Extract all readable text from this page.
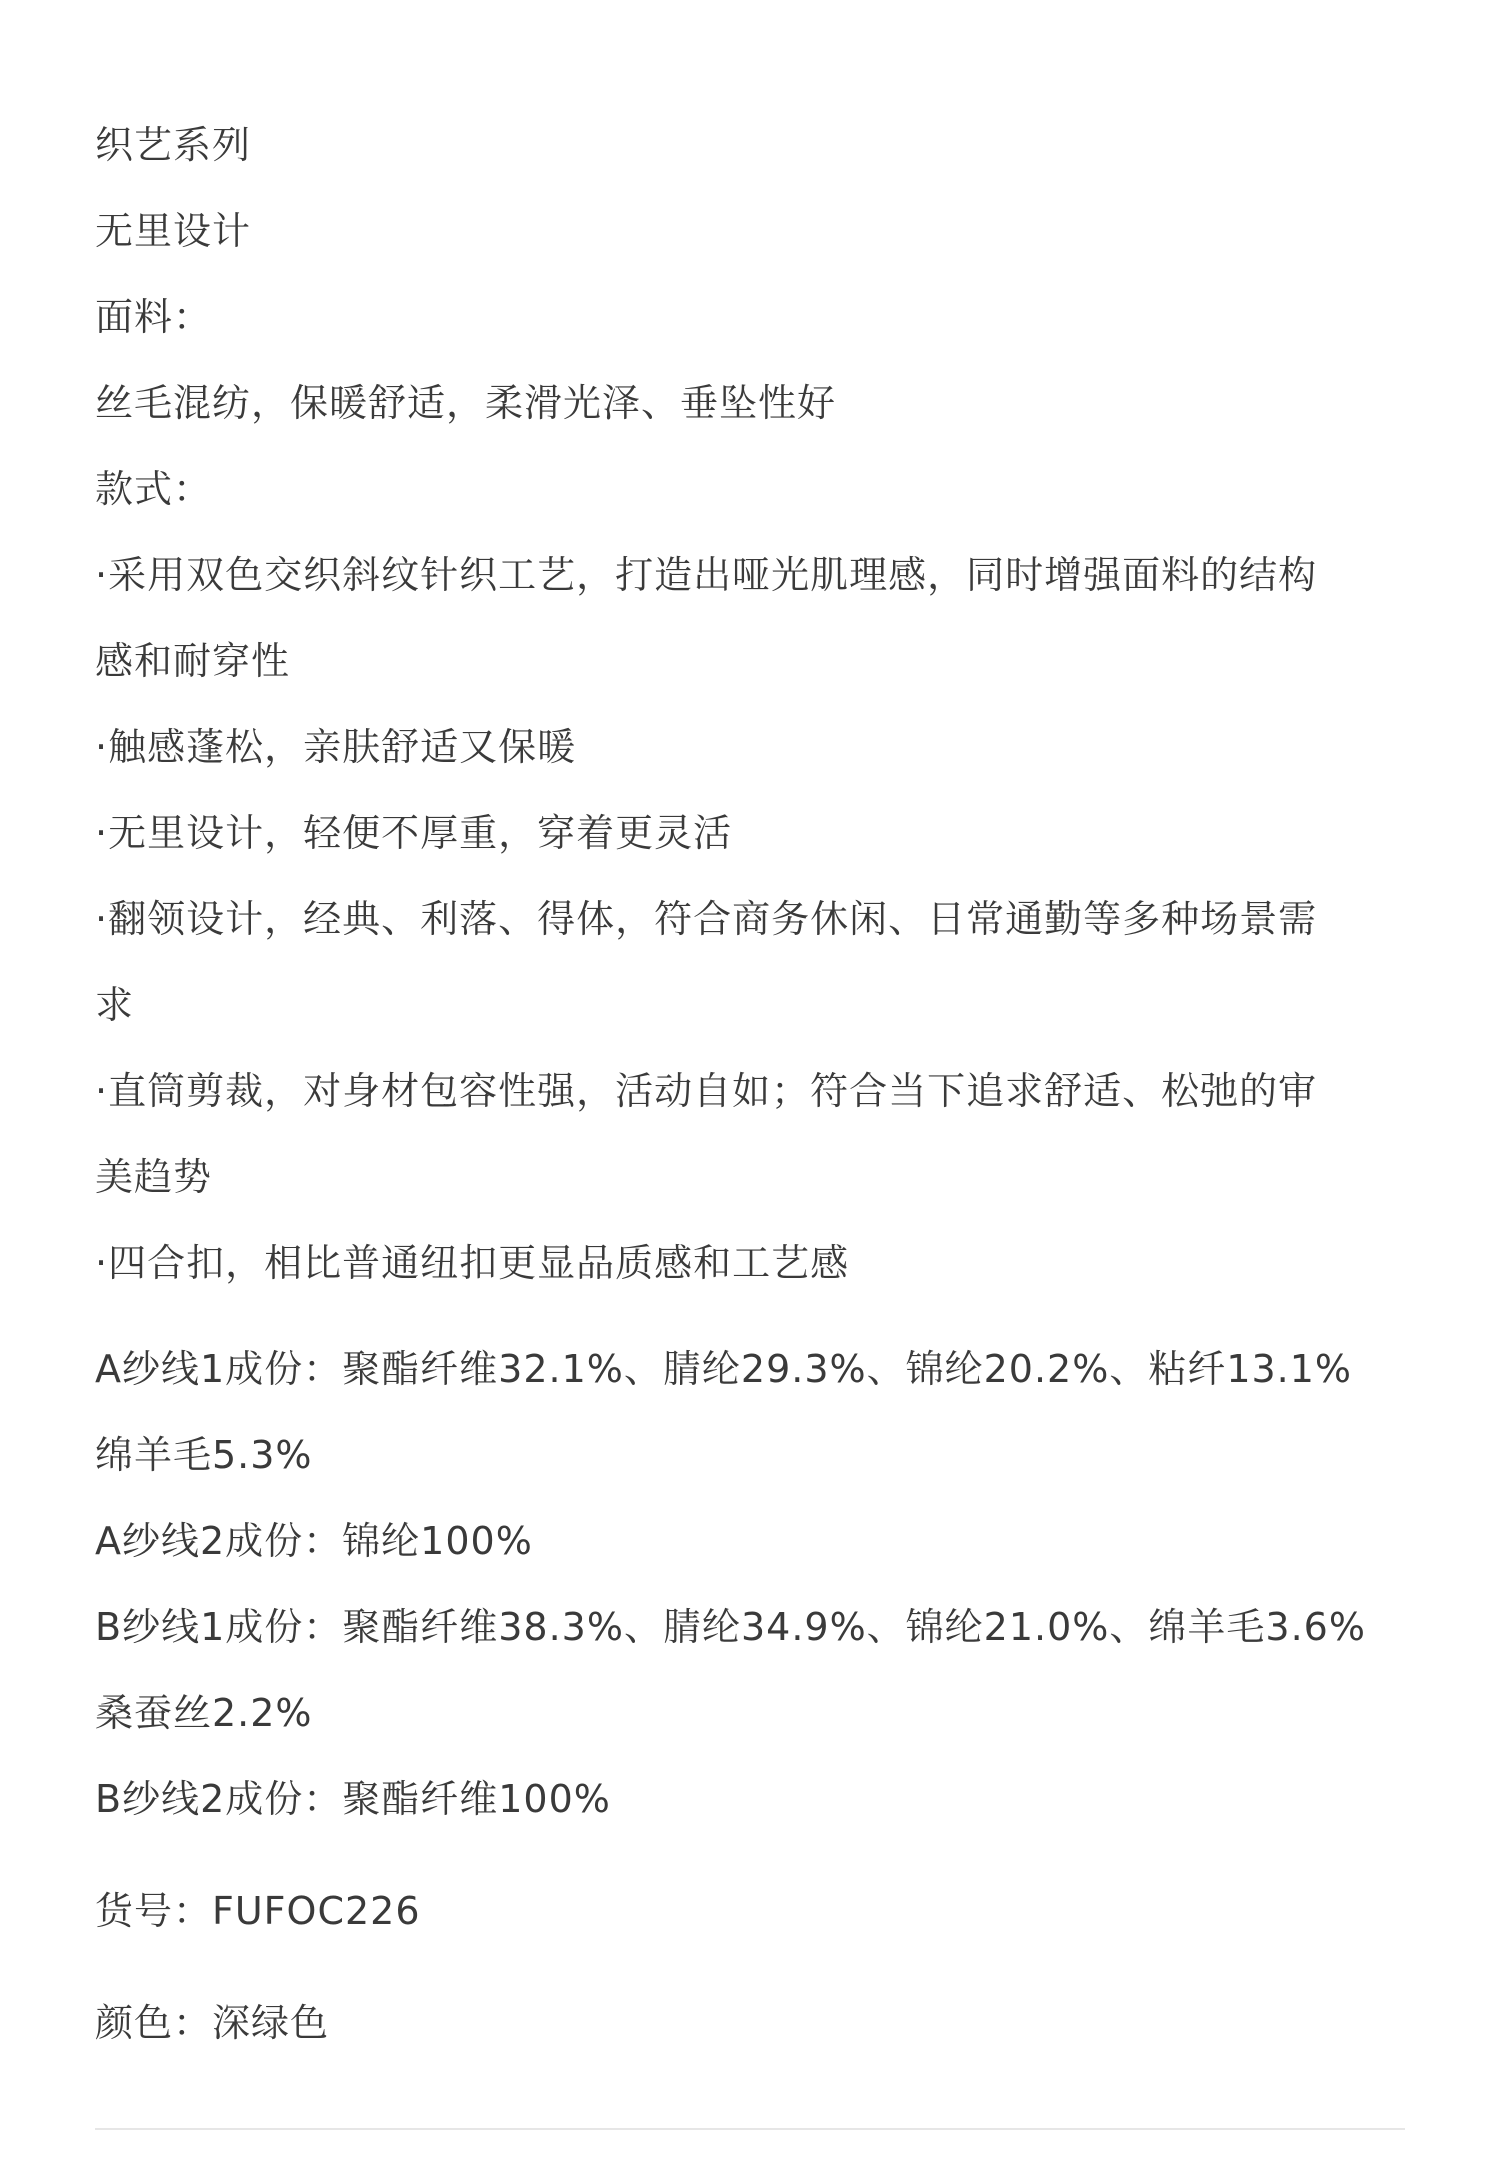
织艺系列
无里设计
面料：
丝毛混纺，保暖舒适，柔滑光泽、垂坠性好
款式：
·采用双色交织斜纹针织工艺，打造出哑光肌理感，同时增强面料的结构
感和耐穿性
·触感蓬松，亲肤舒适又保暖
·无里设计，轻便不厚重，穿着更灵活
·翻领设计，经典、利落、得体，符合商务休闲、日常通勤等多种场景需
求
·直筒剪裁，对身材包容性强，活动自如；符合当下追求舒适、松弛的审
美趋势
·四合扣，相比普通纽扣更显品质感和工艺感
A纱线1成份：聚酯纤维32.1%、腈纶29.3%、锦纶20.2%、粘纤13.1%
绵羊毛5.3%
A纱线2成份：锦纶100%
B纱线1成份：聚酯纤维38.3%、腈纶34.9%、锦纶21.0%、绵羊毛3.6%
桑蚕丝2.2%
B纱线2成份：聚酯纤维100%
货号：FUFOC226
颜色：深绿色
